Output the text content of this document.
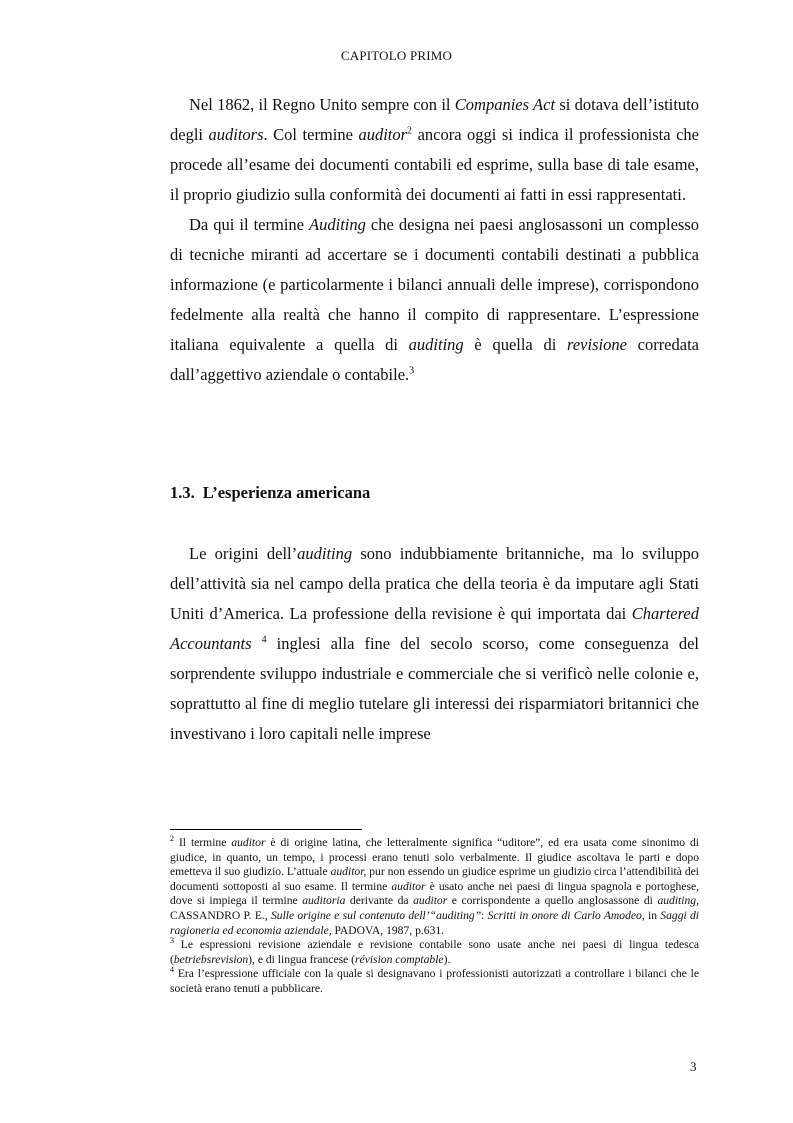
CAPITOLO PRIMO

Nel 1862, il Regno Unito sempre con il Companies Act si dotava dell’istituto degli auditors. Col termine auditor$^2$ ancora oggi si indica il professionista che procede all’esame dei documenti contabili ed esprime, sulla base di tale esame, il proprio giudizio sulla conformità dei documenti ai fatti in essi rappresentati.

Da qui il termine Auditing che designa nei paesi anglosassoni un complesso di tecniche miranti ad accertare se i documenti contabili destinati a pubblica informazione (e particolarmente i bilanci annuali delle imprese), corrispondono fedelmente alla realtà che hanno il compito di rappresentare. L’espressione italiana equivalente a quella di auditing è quella di revisione corredata dall’aggettivo aziendale o contabile.$^3$

1.3. L’esperienza americana

Le origini dell’auditing sono indubbiamente britanniche, ma lo sviluppo dell’attività sia nel campo della pratica che della teoria è da imputare agli Stati Uniti d’America. La professione della revisione è qui importata dai Chartered Accountants $^4$ inglesi alla fine del secolo scorso, come conseguenza del sorprendente sviluppo industriale e commerciale che si verificò nelle colonie e, soprattutto al fine di meglio tutelare gli interessi dei risparmiatori britannici che investivano i loro capitali nelle imprese

$^2$ Il termine auditor è di origine latina, che letteralmente significa “uditore”, ed era usata come sinonimo di giudice, in quanto, un tempo, i processi erano tenuti solo verbalmente. Il giudice ascoltava le parti e dopo emetteva il suo giudizio. L’attuale auditor, pur non essendo un giudice esprime un giudizio circa l’attendibilità dei documenti sottoposti al suo esame. Il termine auditor è usato anche nei paesi di lingua spagnola e portoghese, dove si impiega il termine auditoria derivante da auditor e corrispondente a quello anglosassone di auditing, CASSANDRO P. E., Sulle origine e sul contenuto dell’“auditing”: Scritti in onore di Carlo Amodeo, in Saggi di ragioneria ed economia aziendale, PADOVA, 1987, p.631.

$^3$ Le espressioni revisione aziendale e revisione contabile sono usate anche nei paesi di lingua tedesca (betriebsrevision), e di lingua francese (révision comptable).

$^4$ Era l’espressione ufficiale con la quale si designavano i professionisti autorizzati a controllare i bilanci che le società erano tenuti a pubblicare.

3
